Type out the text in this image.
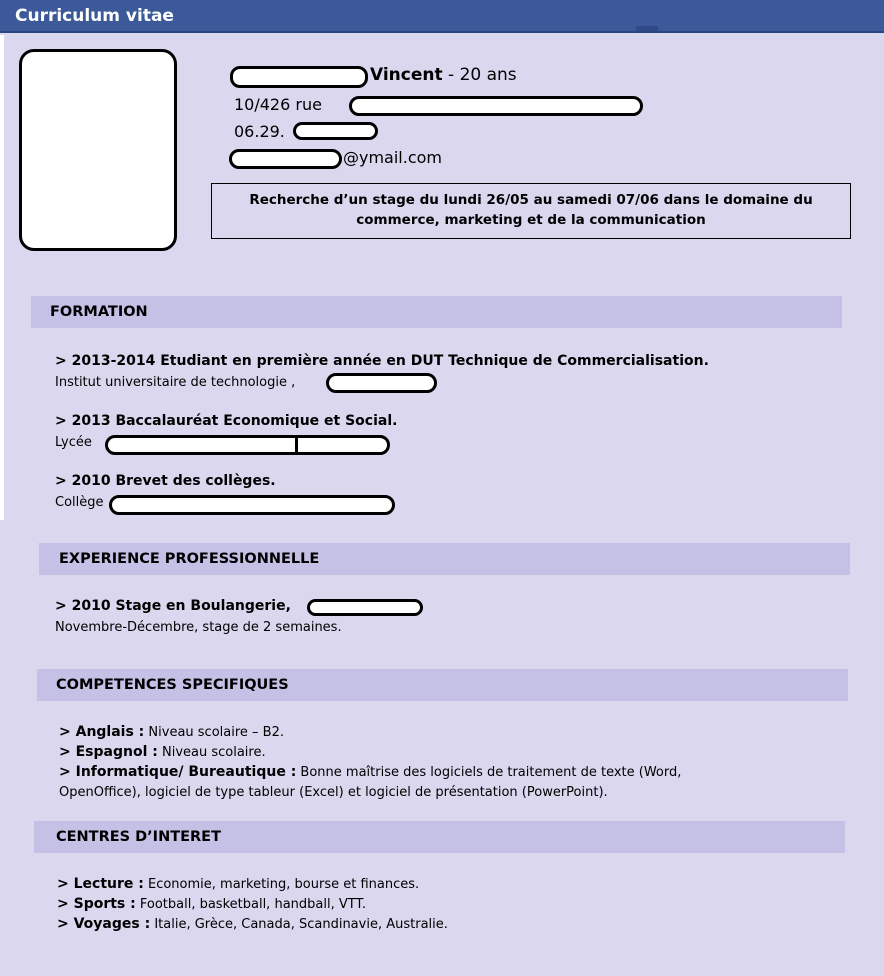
Curriculum vitae
Vincent - 20 ans
10/426 rue
06.29.
@ymail.com
Recherche d’un stage du lundi 26/05 au samedi 07/06 dans le domaine du commerce, marketing et de la communication
FORMATION
> 2013-2014 Etudiant en première année en DUT Technique de Commercialisation.
Institut universitaire de technologie ,
> 2013 Baccalauréat Economique et Social.
Lycée
> 2010 Brevet des collèges.
Collège
EXPERIENCE PROFESSIONNELLE
> 2010 Stage en Boulangerie,
Novembre-Décembre, stage de 2 semaines.
COMPETENCES SPECIFIQUES
> Anglais : Niveau scolaire – B2.
> Espagnol : Niveau scolaire.
> Informatique/ Bureautique : Bonne maîtrise des logiciels de traitement de texte (Word, OpenOffice), logiciel de type tableur (Excel) et logiciel de présentation (PowerPoint).
CENTRES D’INTERET
> Lecture : Economie, marketing, bourse et finances.
> Sports : Football, basketball, handball, VTT.
> Voyages : Italie, Grèce, Canada, Scandinavie, Australie.
